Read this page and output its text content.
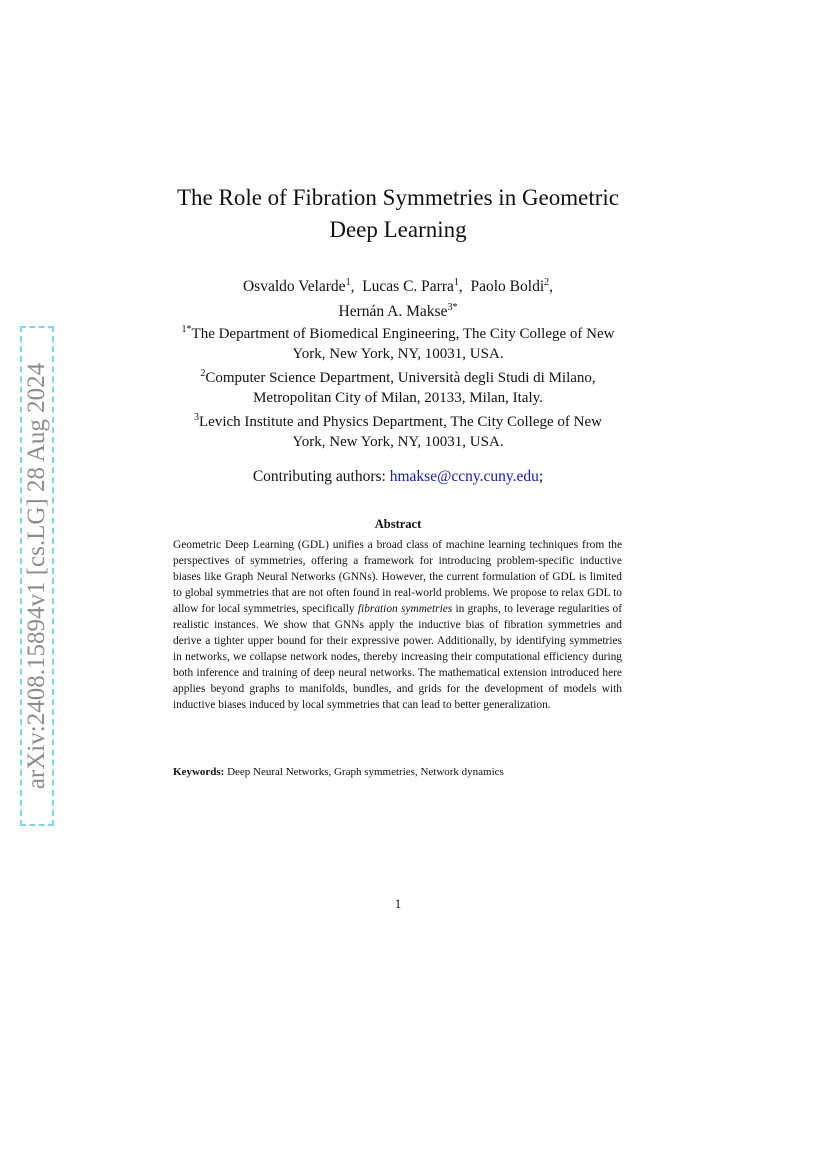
arXiv:2408.15894v1 [cs.LG] 28 Aug 2024
The Role of Fibration Symmetries in Geometric
Deep Learning
Osvaldo Velarde$^1$,  Lucas C. Parra$^1$,  Paolo Boldi$^2$,
Hernán A. Makse$^{3*}$
$^{1*}$The Department of Biomedical Engineering, The City College of New
York, New York, NY, 10031, USA.
$^2$Computer Science Department, Università degli Studi di Milano,
Metropolitan City of Milan, 20133, Milan, Italy.
$^3$Levich Institute and Physics Department, The City College of New
York, New York, NY, 10031, USA.
Contributing authors: hmakse@ccny.cuny.edu;
Abstract
Geometric Deep Learning (GDL) unifies a broad class of machine learning techniques from the perspectives of symmetries, offering a framework for introducing problem-specific inductive biases like Graph Neural Networks (GNNs). However, the current formulation of GDL is limited to global symmetries that are not often found in real-world problems. We propose to relax GDL to allow for local symmetries, specifically fibration symmetries in graphs, to leverage regularities of realistic instances. We show that GNNs apply the inductive bias of fibration symmetries and derive a tighter upper bound for their expressive power. Additionally, by identifying symmetries in networks, we collapse network nodes, thereby increasing their computational efficiency during both inference and training of deep neural networks. The mathematical extension introduced here applies beyond graphs to manifolds, bundles, and grids for the development of models with inductive biases induced by local symmetries that can lead to better generalization.
Keywords: Deep Neural Networks, Graph symmetries, Network dynamics
1
